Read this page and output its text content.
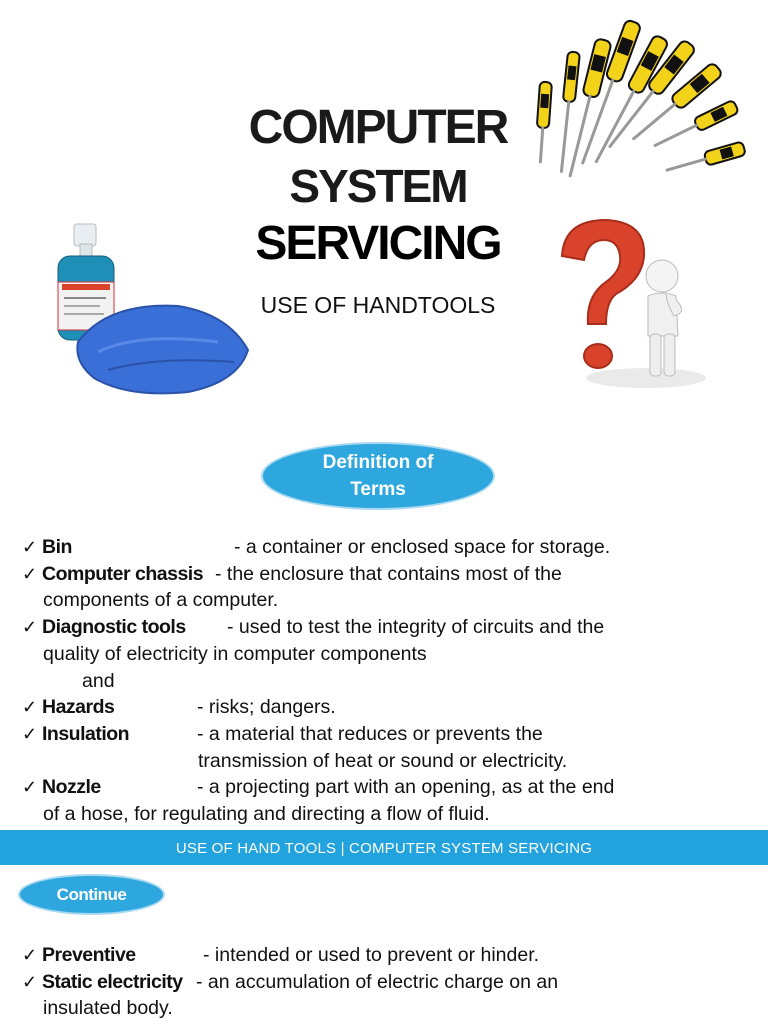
COMPUTER
SYSTEM
SERVICING
USE OF HANDTOOLS
Definition of
Terms
✓ Bin	- a container or enclosed space for storage.
✓ Computer chassis - the enclosure that contains most of the
components of a computer.
✓ Diagnostic tools - used to test the integrity of circuits and the
quality of electricity in computer components
and
✓ Hazards	- risks; dangers.
✓ Insulation	- a material that reduces or prevents the
transmission of heat or sound or electricity.
✓ Nozzle	- a projecting part with an opening, as at the end
of a hose, for regulating and directing a flow of fluid.
USE OF HAND TOOLS | COMPUTER SYSTEM SERVICING
Continue
✓ Preventive	- intended or used to prevent or hinder.
✓ Static electricity - an accumulation of electric charge on an
insulated body.
